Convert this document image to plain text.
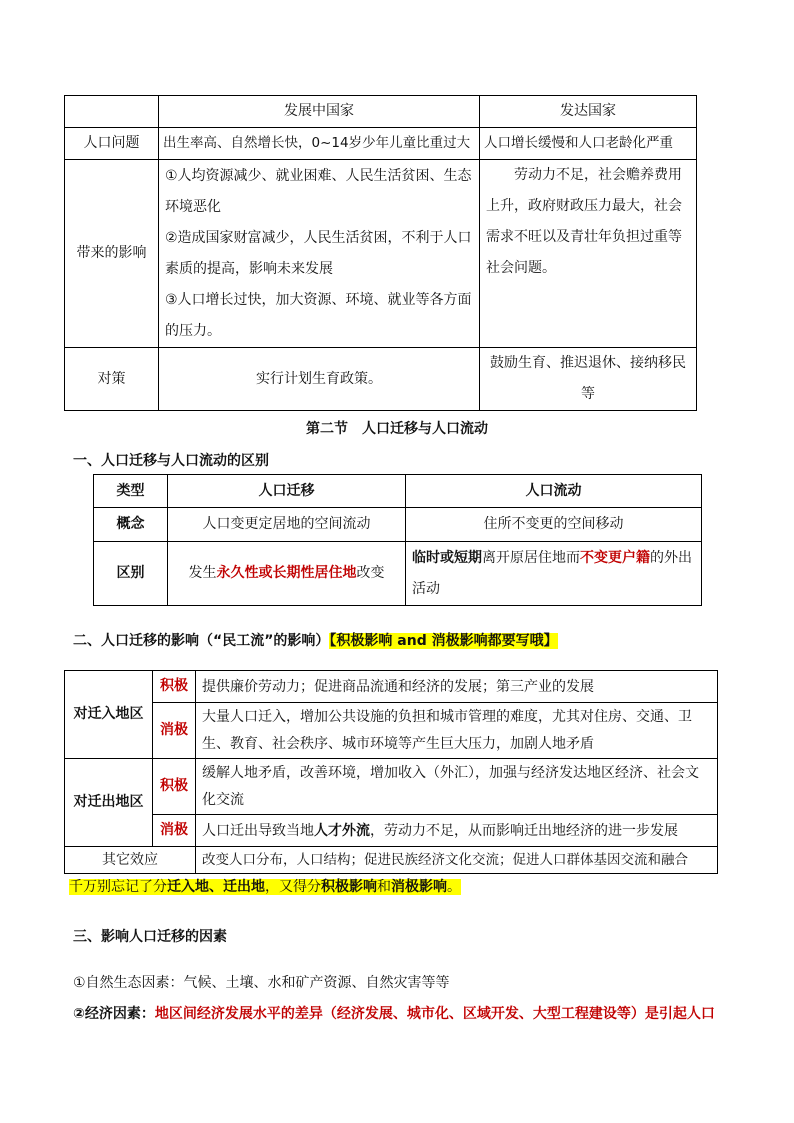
	发展中国家	发达国家
人口问题	出生率高、自然增长快，0~14岁少年儿童比重过大	人口增长缓慢和人口老龄化严重
带来的影响	①人均资源减少、就业困难、人民生活贫困、生态环境恶化
②造成国家财富减少，人民生活贫困，不利于人口素质的提高，影响未来发展
③人口增长过快，加大资源、环境、就业等各方面的压力。	劳动力不足，社会赡养费用上升，政府财政压力最大，社会需求不旺以及青壮年负担过重等社会问题。

对策	实行计划生育政策。	鼓励生育、推迟退休、接纳移民等
第二节　人口迁移与人口流动
一、人口迁移与人口流动的区别
类型	人口迁移	人口流动
概念	人口变更定居地的空间流动	住所不变更的空间移动
区别	发生永久性或长期性居住地改变	临时或短期离开原居住地而不变更户籍的外出活动
二、人口迁移的影响（“民工流”的影响）【积极影响 and 消极影响都要写哦】
对迁入地区	积极	提供廉价劳动力；促进商品流通和经济的发展；第三产业的发展
	消极	大量人口迁入，增加公共设施的负担和城市管理的难度，尤其对住房、交通、卫生、教育、社会秩序、城市环境等产生巨大压力，加剧人地矛盾
对迁出地区	积极	缓解人地矛盾，改善环境，增加收入（外汇），加强与经济发达地区经济、社会文化交流
	消极	人口迁出导致当地人才外流，劳动力不足，从而影响迁出地经济的进一步发展
其它效应		改变人口分布，人口结构；促进民族经济文化交流；促进人口群体基因交流和融合
千万别忘记了分迁入地、迁出地，又得分积极影响和消极影响。
三、影响人口迁移的因素
①自然生态因素：气候、土壤、水和矿产资源、自然灾害等等
②经济因素：地区间经济发展水平的差异（经济发展、城市化、区域开发、大型工程建设等）是引起人口
